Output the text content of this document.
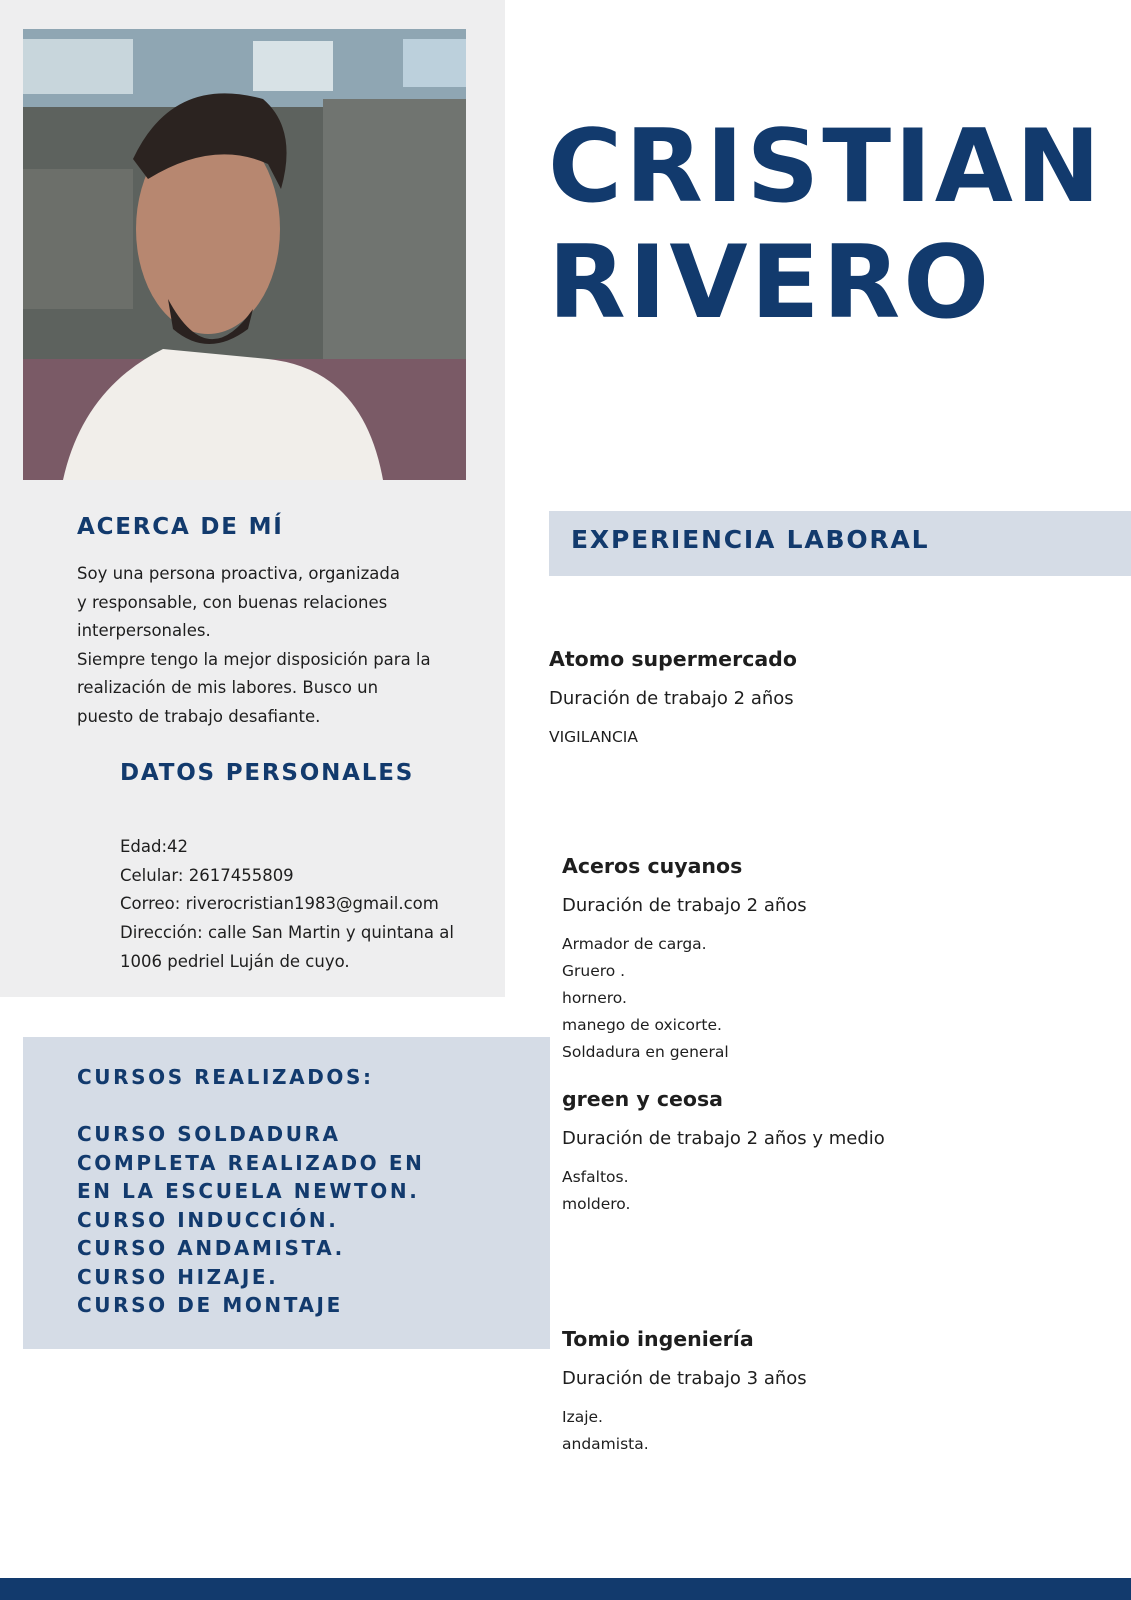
CRISTIAN
RIVERO
ACERCA DE MÍ
Soy una persona proactiva, organizada
y responsable, con buenas relaciones
interpersonales.
Siempre tengo la mejor disposición para la
realización de mis labores. Busco un
puesto de trabajo desafiante.
DATOS PERSONALES
Edad:42
Celular: 2617455809
Correo: riverocristian1983@gmail.com
Dirección: calle San Martin y quintana al
1006 pedriel Luján de cuyo.
CURSOS REALIZADOS:
CURSO SOLDADURA
COMPLETA REALIZADO EN
EN LA ESCUELA NEWTON.
CURSO INDUCCIÓN.
CURSO ANDAMISTA.
CURSO HIZAJE.
CURSO DE MONTAJE
EXPERIENCIA LABORAL
Atomo supermercado
Duración de trabajo 2 años
VIGILANCIA
Aceros cuyanos
Duración de trabajo 2 años
Armador de carga.
Gruero .
hornero.
manego de oxicorte.
Soldadura en general
green y ceosa
Duración de trabajo 2 años y medio
Asfaltos.
moldero.
Tomio ingeniería
Duración de trabajo 3 años
Izaje.
andamista.
